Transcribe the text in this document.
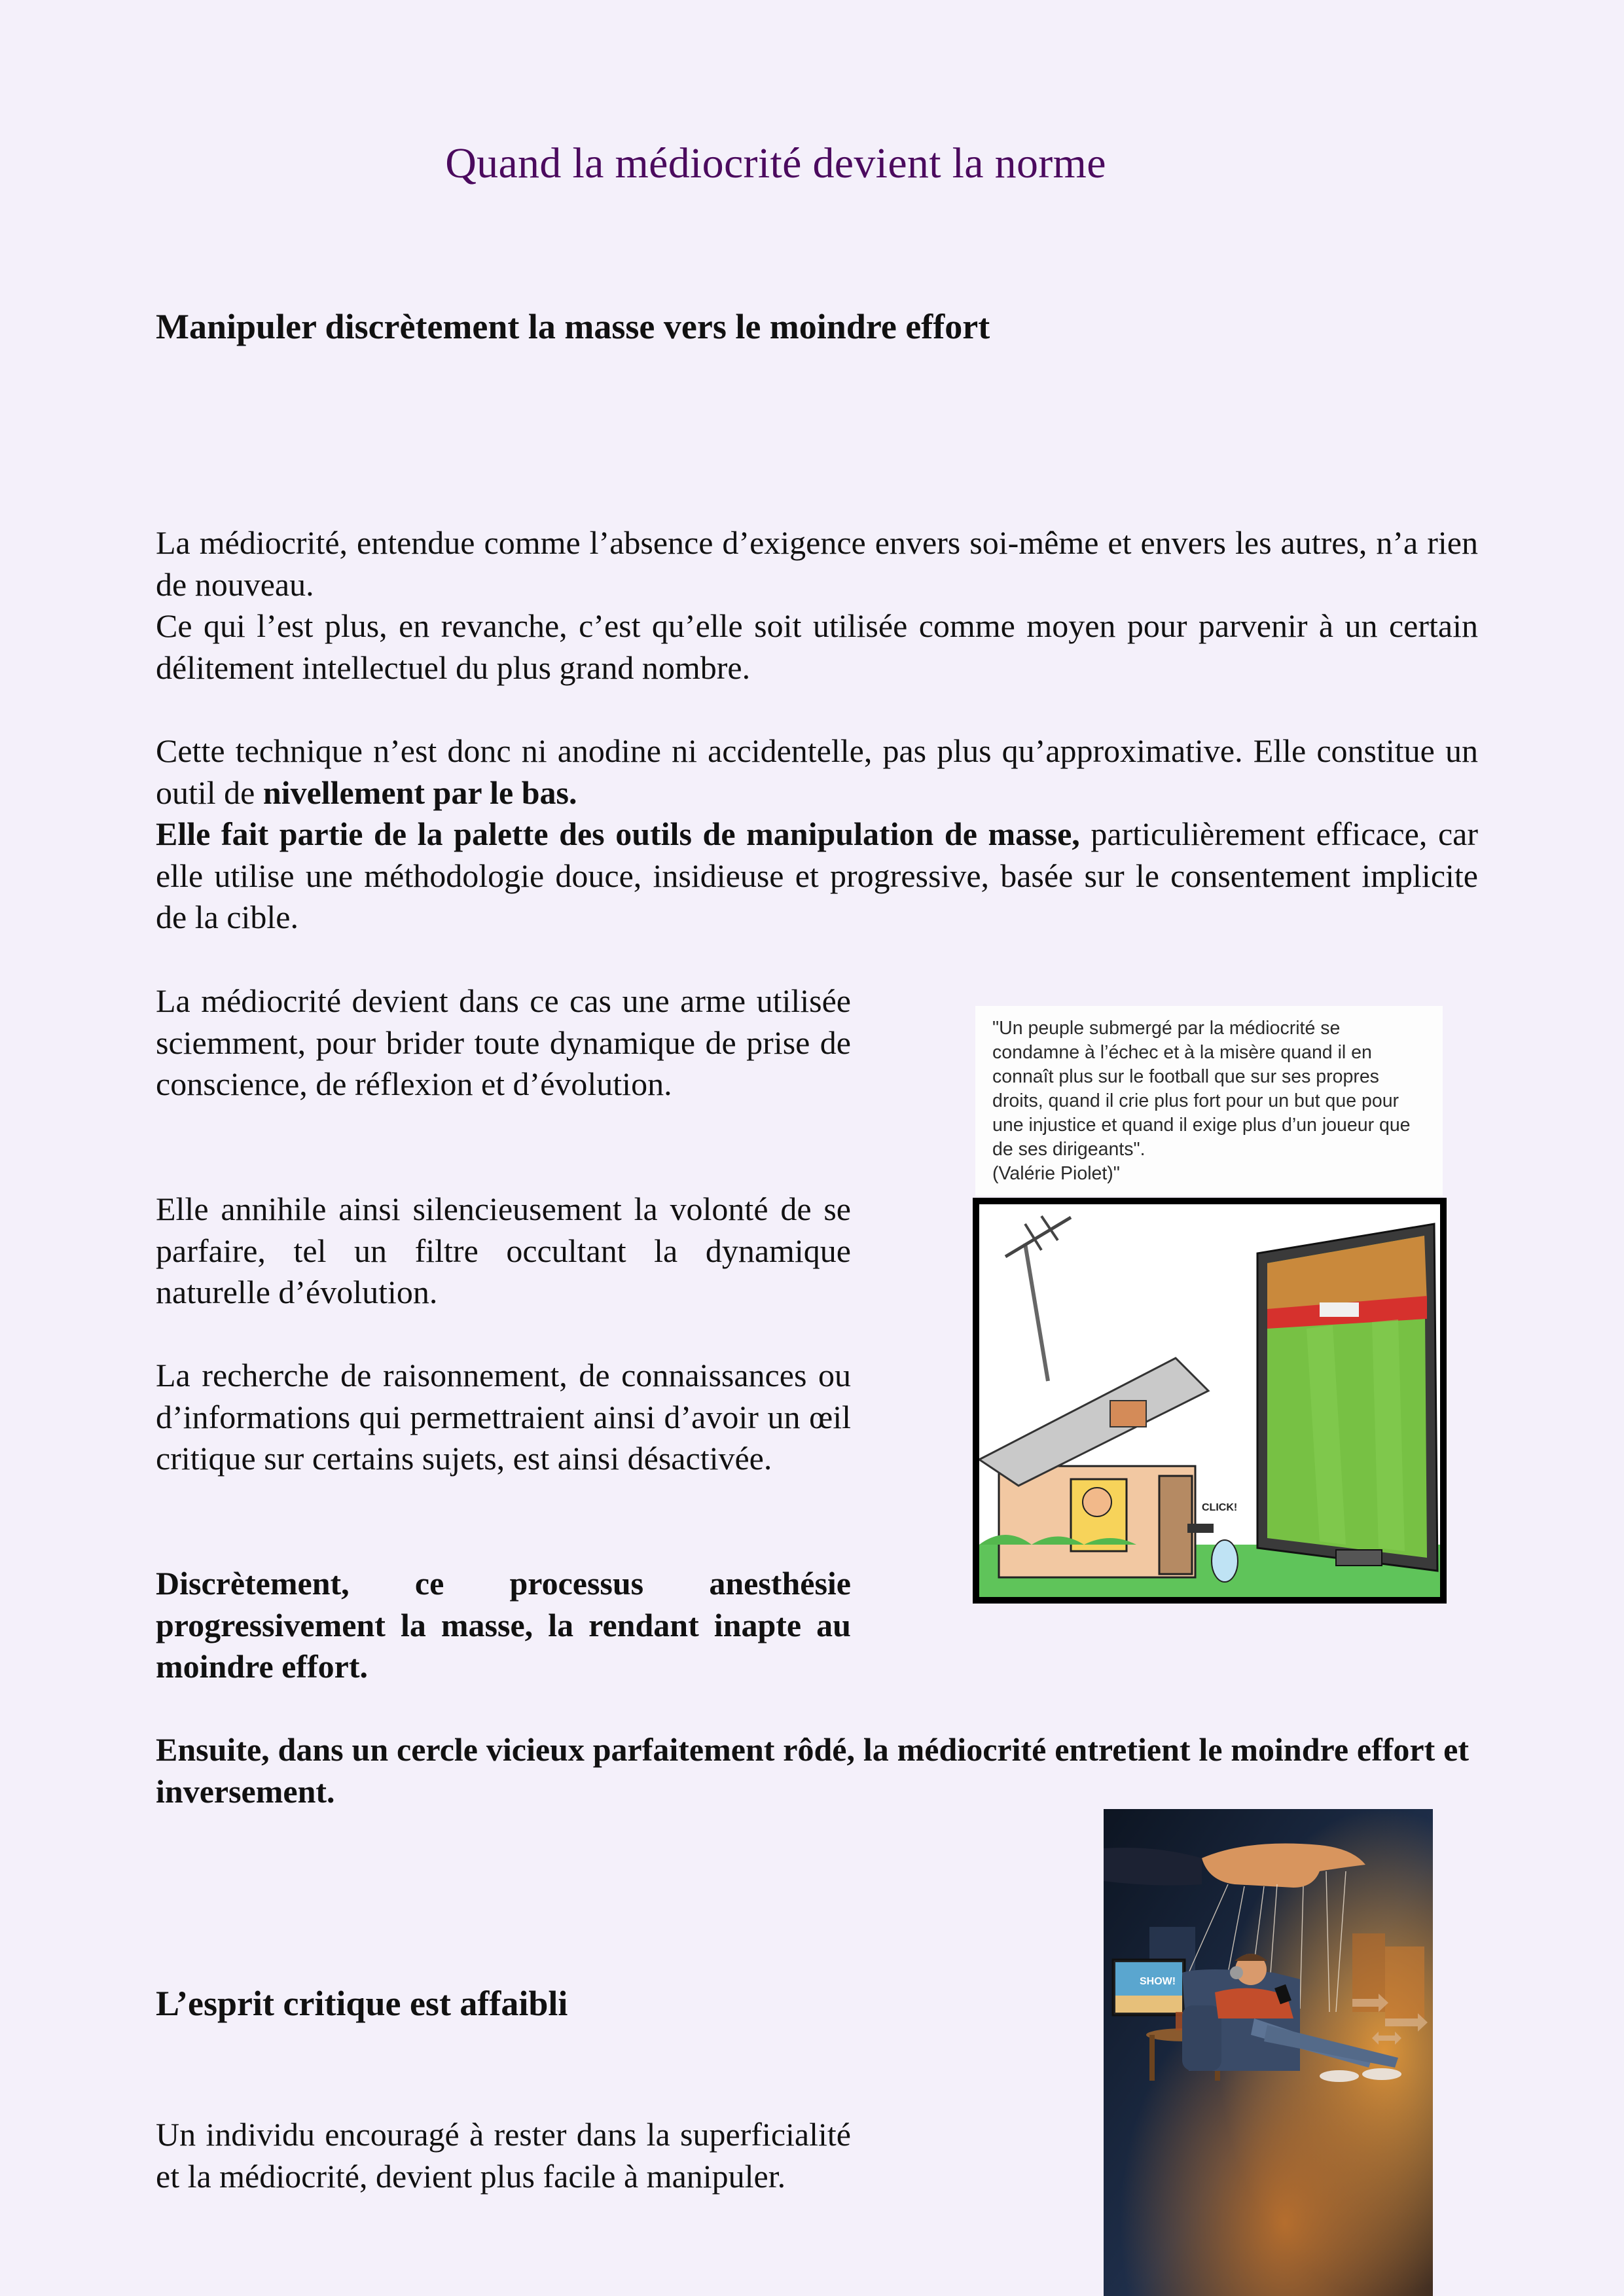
Quand la médiocrité devient la norme
Manipuler discrètement la masse vers le moindre effort

La médiocrité, entendue comme l’absence d’exigence envers soi-même et envers les autres, n’a rien de nouveau.
Ce qui l’est plus, en revanche, c’est qu’elle soit utilisée comme moyen pour parvenir à un certain délitement intellectuel du plus grand nombre.

Cette technique n’est donc ni anodine ni accidentelle, pas plus qu’approximative. Elle constitue un outil de nivellement par le bas.
Elle fait partie de la palette des outils de manipulation de masse, particulièrement efficace, car elle utilise une méthodologie douce, insidieuse et progressive, basée sur le consentement implicite de la cible.

La médiocrité devient dans ce cas une arme utilisée sciemment, pour brider toute dynamique de prise de conscience, de réflexion et d’évolution.

Elle annihile ainsi silencieusement la volonté de se parfaire, tel un filtre occultant la dynamique naturelle d’évolution.

La recherche de raisonnement, de connaissances ou d’informations qui permettraient ainsi d’avoir un œil critique sur certains sujets, est ainsi désactivée.

Discrètement, ce processus anesthésie progressivement la masse, la rendant inapte au moindre effort.

Ensuite, dans un cercle vicieux parfaitement rôdé, la médiocrité entretient le moindre effort et inversement.

"Un peuple submergé par la médiocrité se condamne à l’échec et à la misère quand il en connaît plus sur le football que sur ses propres droits, quand il crie plus fort pour un but que pour une injustice et quand il exige plus d’un joueur que de ses dirigeants".

(Valérie Piolet)"

CLICK!
L’esprit critique est affaibli

Un individu encouragé à rester dans la superficialité et la médiocrité, devient plus facile à manipuler.

SHOW!
